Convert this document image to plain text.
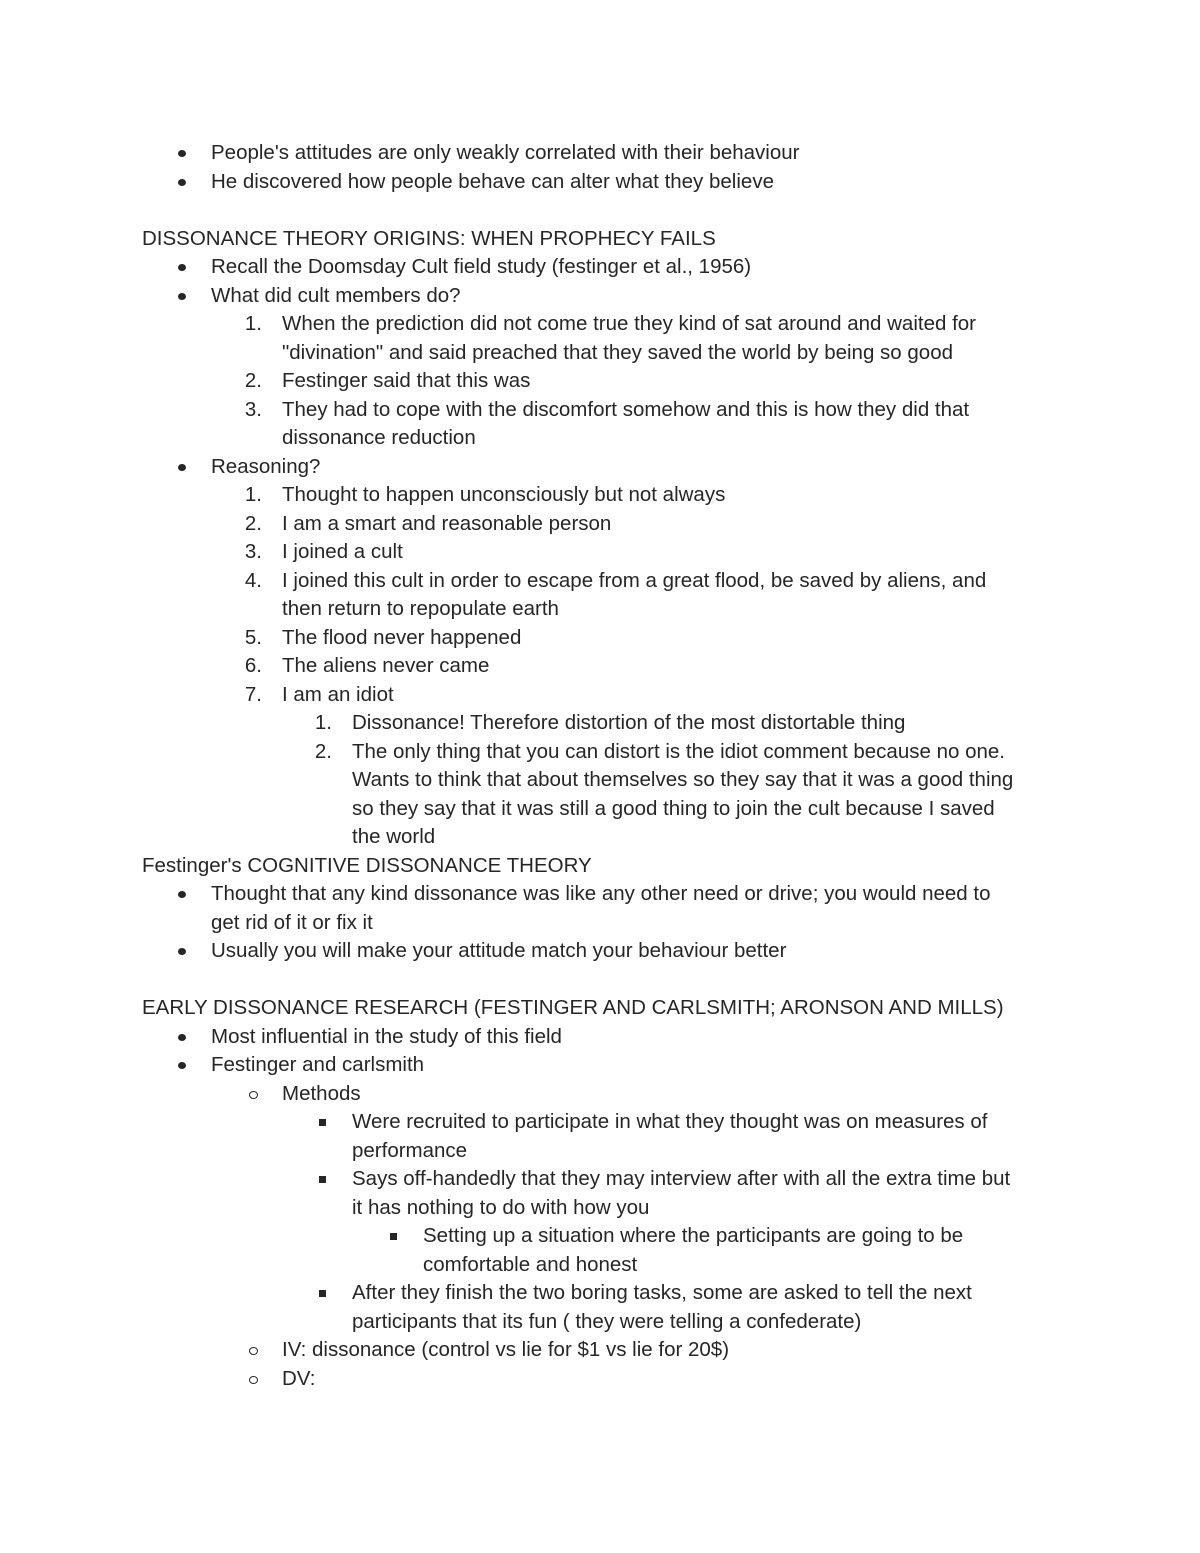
People's attitudes are only weakly correlated with their behaviour
He discovered how people behave can alter what they believe
DISSONANCE THEORY ORIGINS: WHEN PROPHECY FAILS
Recall the Doomsday Cult field study (festinger et al., 1956)
What did cult members do?
1. When the prediction did not come true they kind of sat around and waited for
"divination" and said preached that they saved the world by being so good
2. Festinger said that this was
3. They had to cope with the discomfort somehow and this is how they did that
dissonance reduction
Reasoning?
1. Thought to happen unconsciously but not always
2. I am a smart and reasonable person
3. I joined a cult
4. I joined this cult in order to escape from a great flood, be saved by aliens, and
then return to repopulate earth
5. The flood never happened
6. The aliens never came
7. I am an idiot
1. Dissonance! Therefore distortion of the most distortable thing
2. The only thing that you can distort is the idiot comment because no one.
Wants to think that about themselves so they say that it was a good thing
so they say that it was still a good thing to join the cult because I saved
the world
Festinger's COGNITIVE DISSONANCE THEORY
Thought that any kind dissonance was like any other need or drive; you would need to
get rid of it or fix it
Usually you will make your attitude match your behaviour better
EARLY DISSONANCE RESEARCH (FESTINGER AND CARLSMITH; ARONSON AND MILLS)
Most influential in the study of this field
Festinger and carlsmith
Methods
Were recruited to participate in what they thought was on measures of
performance
Says off-handedly that they may interview after with all the extra time but
it has nothing to do with how you
Setting up a situation where the participants are going to be
comfortable and honest
After they finish the two boring tasks, some are asked to tell the next
participants that its fun ( they were telling a confederate)
IV: dissonance (control vs lie for $1 vs lie for 20$)
DV:
